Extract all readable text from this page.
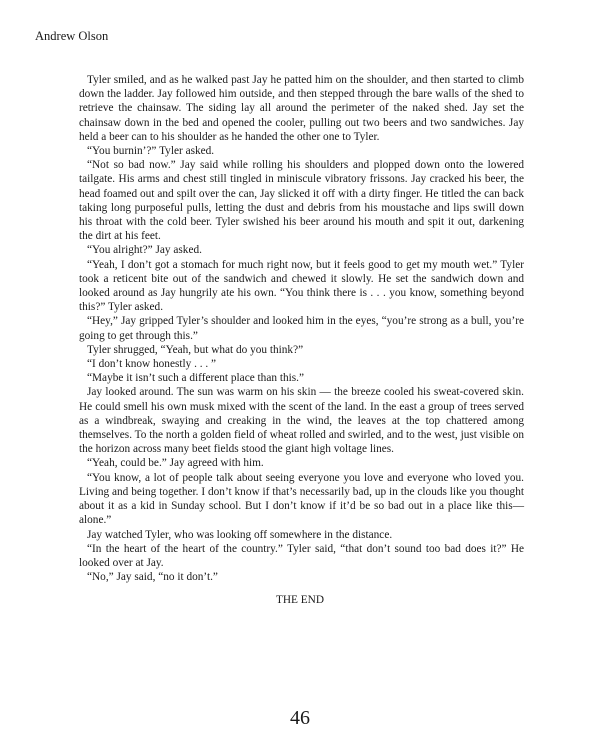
Andrew Olson

Tyler smiled, and as he walked past Jay he patted him on the shoulder, and then started to climb down the ladder. Jay followed him outside, and then stepped through the bare walls of the shed to retrieve the chainsaw. The siding lay all around the perimeter of the naked shed. Jay set the chainsaw down in the bed and opened the cooler, pulling out two beers and two sandwiches. Jay held a beer can to his shoulder as he handed the other one to Tyler.

“You burnin’?” Tyler asked.

“Not so bad now.” Jay said while rolling his shoulders and plopped down onto the lowered tailgate. His arms and chest still tingled in miniscule vibratory frissons. Jay cracked his beer, the head foamed out and spilt over the can, Jay slicked it off with a dirty finger. He titled the can back taking long purposeful pulls, letting the dust and debris from his moustache and lips swill down his throat with the cold beer. Tyler swished his beer around his mouth and spit it out, darkening the dirt at his feet.

“You alright?” Jay asked.

“Yeah, I don’t got a stomach for much right now, but it feels good to get my mouth wet.” Tyler took a reticent bite out of the sandwich and chewed it slowly. He set the sandwich down and looked around as Jay hungrily ate his own. “You think there is . . . you know, something beyond this?” Tyler asked.

“Hey,” Jay gripped Tyler’s shoulder and looked him in the eyes, “you’re strong as a bull, you’re going to get through this.”

Tyler shrugged, “Yeah, but what do you think?”

“I don’t know honestly . . . ”

“Maybe it isn’t such a different place than this.”

Jay looked around. The sun was warm on his skin — the breeze cooled his sweat-covered skin. He could smell his own musk mixed with the scent of the land. In the east a group of trees served as a windbreak, swaying and creaking in the wind, the leaves at the top chattered among themselves. To the north a golden field of wheat rolled and swirled, and to the west, just visible on the horizon across many beet fields stood the giant high voltage lines.

“Yeah, could be.” Jay agreed with him.

“You know, a lot of people talk about seeing everyone you love and everyone who loved you. Living and being together. I don’t know if that’s necessarily bad, up in the clouds like you thought about it as a kid in Sunday school. But I don’t know if it’d be so bad out in a place like this—alone.”

Jay watched Tyler, who was looking off somewhere in the distance.

“In the heart of the heart of the country.” Tyler said, “that don’t sound too bad does it?” He looked over at Jay.

“No,” Jay said, “no it don’t.”

THE END
46
